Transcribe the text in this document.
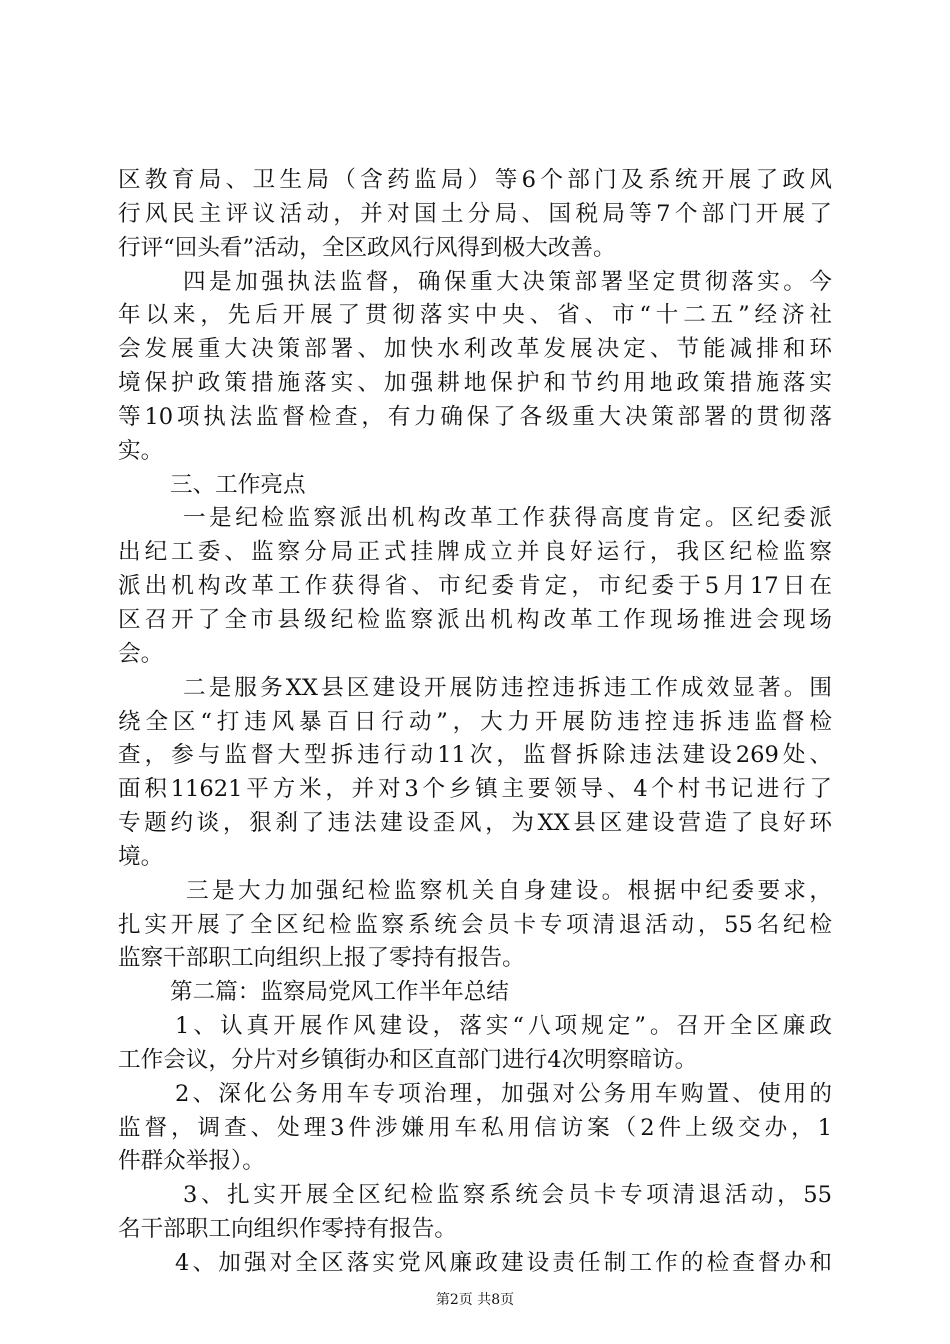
区教育局、卫生局（含药监局）等6个部门及系统开展了政风
行风民主评议活动，并对国土分局、国税局等7个部门开展了
行评“回头看”活动，全区政风行风得到极大改善。
四是加强执法监督，确保重大决策部署坚定贯彻落实。今
年以来，先后开展了贯彻落实中央、省、市“十二五”经济社
会发展重大决策部署、加快水利改革发展决定、节能减排和环
境保护政策措施落实、加强耕地保护和节约用地政策措施落实
等10项执法监督检查，有力确保了各级重大决策部署的贯彻落
实。
三、工作亮点
一是纪检监察派出机构改革工作获得高度肯定。区纪委派
出纪工委、监察分局正式挂牌成立并良好运行，我区纪检监察
派出机构改革工作获得省、市纪委肯定，市纪委于5月17日在
区召开了全市县级纪检监察派出机构改革工作现场推进会现场
会。
二是服务XX县区建设开展防违控违拆违工作成效显著。围
绕全区“打违风暴百日行动”，大力开展防违控违拆违监督检
查，参与监督大型拆违行动11次，监督拆除违法建设269处、
面积11621平方米，并对3个乡镇主要领导、4个村书记进行了
专题约谈，狠刹了违法建设歪风，为XX县区建设营造了良好环
境。
三是大力加强纪检监察机关自身建设。根据中纪委要求，
扎实开展了全区纪检监察系统会员卡专项清退活动，55名纪检
监察干部职工向组织上报了零持有报告。
第二篇：监察局党风工作半年总结
1、认真开展作风建设，落实“八项规定”。召开全区廉政
工作会议，分片对乡镇街办和区直部门进行4次明察暗访。
2、深化公务用车专项治理，加强对公务用车购置、使用的
监督，调查、处理3件涉嫌用车私用信访案（2件上级交办，1
件群众举报）。
3、扎实开展全区纪检监察系统会员卡专项清退活动，55
名干部职工向组织作零持有报告。
4、加强对全区落实党风廉政建设责任制工作的检查督办和
第2页 共8页
